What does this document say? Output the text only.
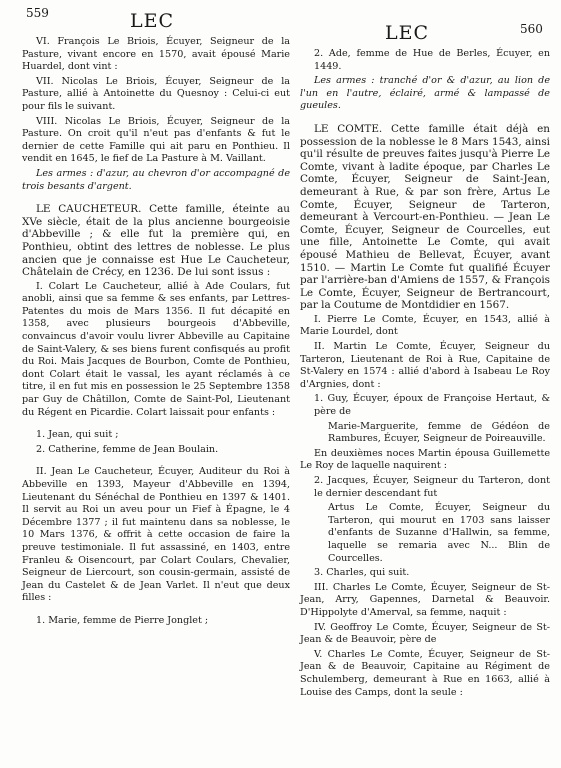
559	LEC
LEC	560

VI. François Le Briois, Écuyer, Seigneur de la Pasture, vivant encore en 1570, avait épousé Marie Huardel, dont vint :

VII. Nicolas Le Briois, Écuyer, Seigneur de la Pasture, allié à Antoinette du Quesnoy : Celui-ci eut pour fils le suivant.

VIII. Nicolas Le Briois, Écuyer, Seigneur de la Pasture. On croit qu'il n'eut pas d'enfants & fut le dernier de cette Famille qui ait paru en Ponthieu. Il vendit en 1645, le fief de La Pasture à M. Vaillant.

Les armes : d'azur, au chevron d'or accompagné de trois besants d'argent.

LE CAUCHETEUR. Cette famille, éteinte au XVe siècle, était de la plus ancienne bourgeoisie d'Abbeville ; & elle fut la première qui, en Ponthieu, obtint des lettres de noblesse. Le plus ancien que je connaisse est Hue Le Caucheteur, Châtelain de Crécy, en 1236. De lui sont issus :

I. Colart Le Caucheteur, allié à Ade Coulars, fut anobli, ainsi que sa femme & ses enfants, par Lettres-Patentes du mois de Mars 1356. Il fut décapité en 1358, avec plusieurs bourgeois d'Abbeville, convaincus d'avoir voulu livrer Abbeville au Capitaine de Saint-Valery, & ses biens furent confisqués au profit du Roi. Mais Jacques de Bourbon, Comte de Ponthieu, dont Colart était le vassal, les ayant réclamés à ce titre, il en fut mis en possession le 25 Septembre 1358 par Guy de Châtillon, Comte de Saint-Pol, Lieutenant du Régent en Picardie. Colart laissait pour enfants :

1. Jean, qui suit ;

2. Catherine, femme de Jean Boulain.

II. Jean Le Caucheteur, Écuyer, Auditeur du Roi à Abbeville en 1393, Mayeur d'Abbeville en 1394, Lieutenant du Sénéchal de Ponthieu en 1397 & 1401. Il servit au Roi un aveu pour un Fief à Épagne, le 4 Décembre 1377 ; il fut maintenu dans sa noblesse, le 10 Mars 1376, & offrit à cette occasion de faire la preuve testimoniale. Il fut assassiné, en 1403, entre Franleu & Oisencourt, par Colart Coulars, Chevalier, Seigneur de Liercourt, son cousin-germain, assisté de Jean du Castelet & de Jean Varlet. Il n'eut que deux filles :

1. Marie, femme de Pierre Jonglet ;

2. Ade, femme de Hue de Berles, Écuyer, en 1449.

Les armes : tranché d'or & d'azur, au lion de l'un en l'autre, éclairé, armé & lampassé de gueules.

LE COMTE. Cette famille était déjà en possession de la noblesse le 8 Mars 1543, ainsi qu'il résulte de preuves faites jusqu'à Pierre Le Comte, vivant à ladite époque, par Charles Le Comte, Écuyer, Seigneur de Saint-Jean, demeurant à Rue, & par son frère, Artus Le Comte, Écuyer, Seigneur de Tarteron, demeurant à Vercourt-en-Ponthieu. — Jean Le Comte, Écuyer, Seigneur de Courcelles, eut une fille, Antoinette Le Comte, qui avait épousé Mathieu de Bellevat, Écuyer, avant 1510. — Martin Le Comte fut qualifié Écuyer par l'arrière-ban d'Amiens de 1557, & François Le Comte, Écuyer, Seigneur de Bertrancourt, par la Coutume de Montdidier en 1567.

I. Pierre Le Comte, Écuyer, en 1543, allié à Marie Lourdel, dont

II. Martin Le Comte, Écuyer, Seigneur du Tarteron, Lieutenant de Roi à Rue, Capitaine de St-Valery en 1574 : allié d'abord à Isabeau Le Roy d'Argnies, dont :

1. Guy, Écuyer, époux de Françoise Hertaut, & père de

Marie-Marguerite, femme de Gédéon de Rambures, Écuyer, Seigneur de Poireauville.

En deuxièmes noces Martin épousa Guillemette Le Roy de laquelle naquirent :

2. Jacques, Écuyer, Seigneur du Tarteron, dont le dernier descendant fut

Artus Le Comte, Écuyer, Seigneur du Tarteron, qui mourut en 1703 sans laisser d'enfants de Suzanne d'Hallwin, sa femme, laquelle se remaria avec N... Blin de Courcelles.

3. Charles, qui suit.

III. Charles Le Comte, Écuyer, Seigneur de St-Jean, Arry, Gapennes, Darnetal & Beauvoir. D'Hippolyte d'Amerval, sa femme, naquit :

IV. Geoffroy Le Comte, Écuyer, Seigneur de St-Jean & de Beauvoir, père de

V. Charles Le Comte, Écuyer, Seigneur de St-Jean & de Beauvoir, Capitaine au Régiment de Schulemberg, demeurant à Rue en 1663, allié à Louise des Camps, dont la seule :
